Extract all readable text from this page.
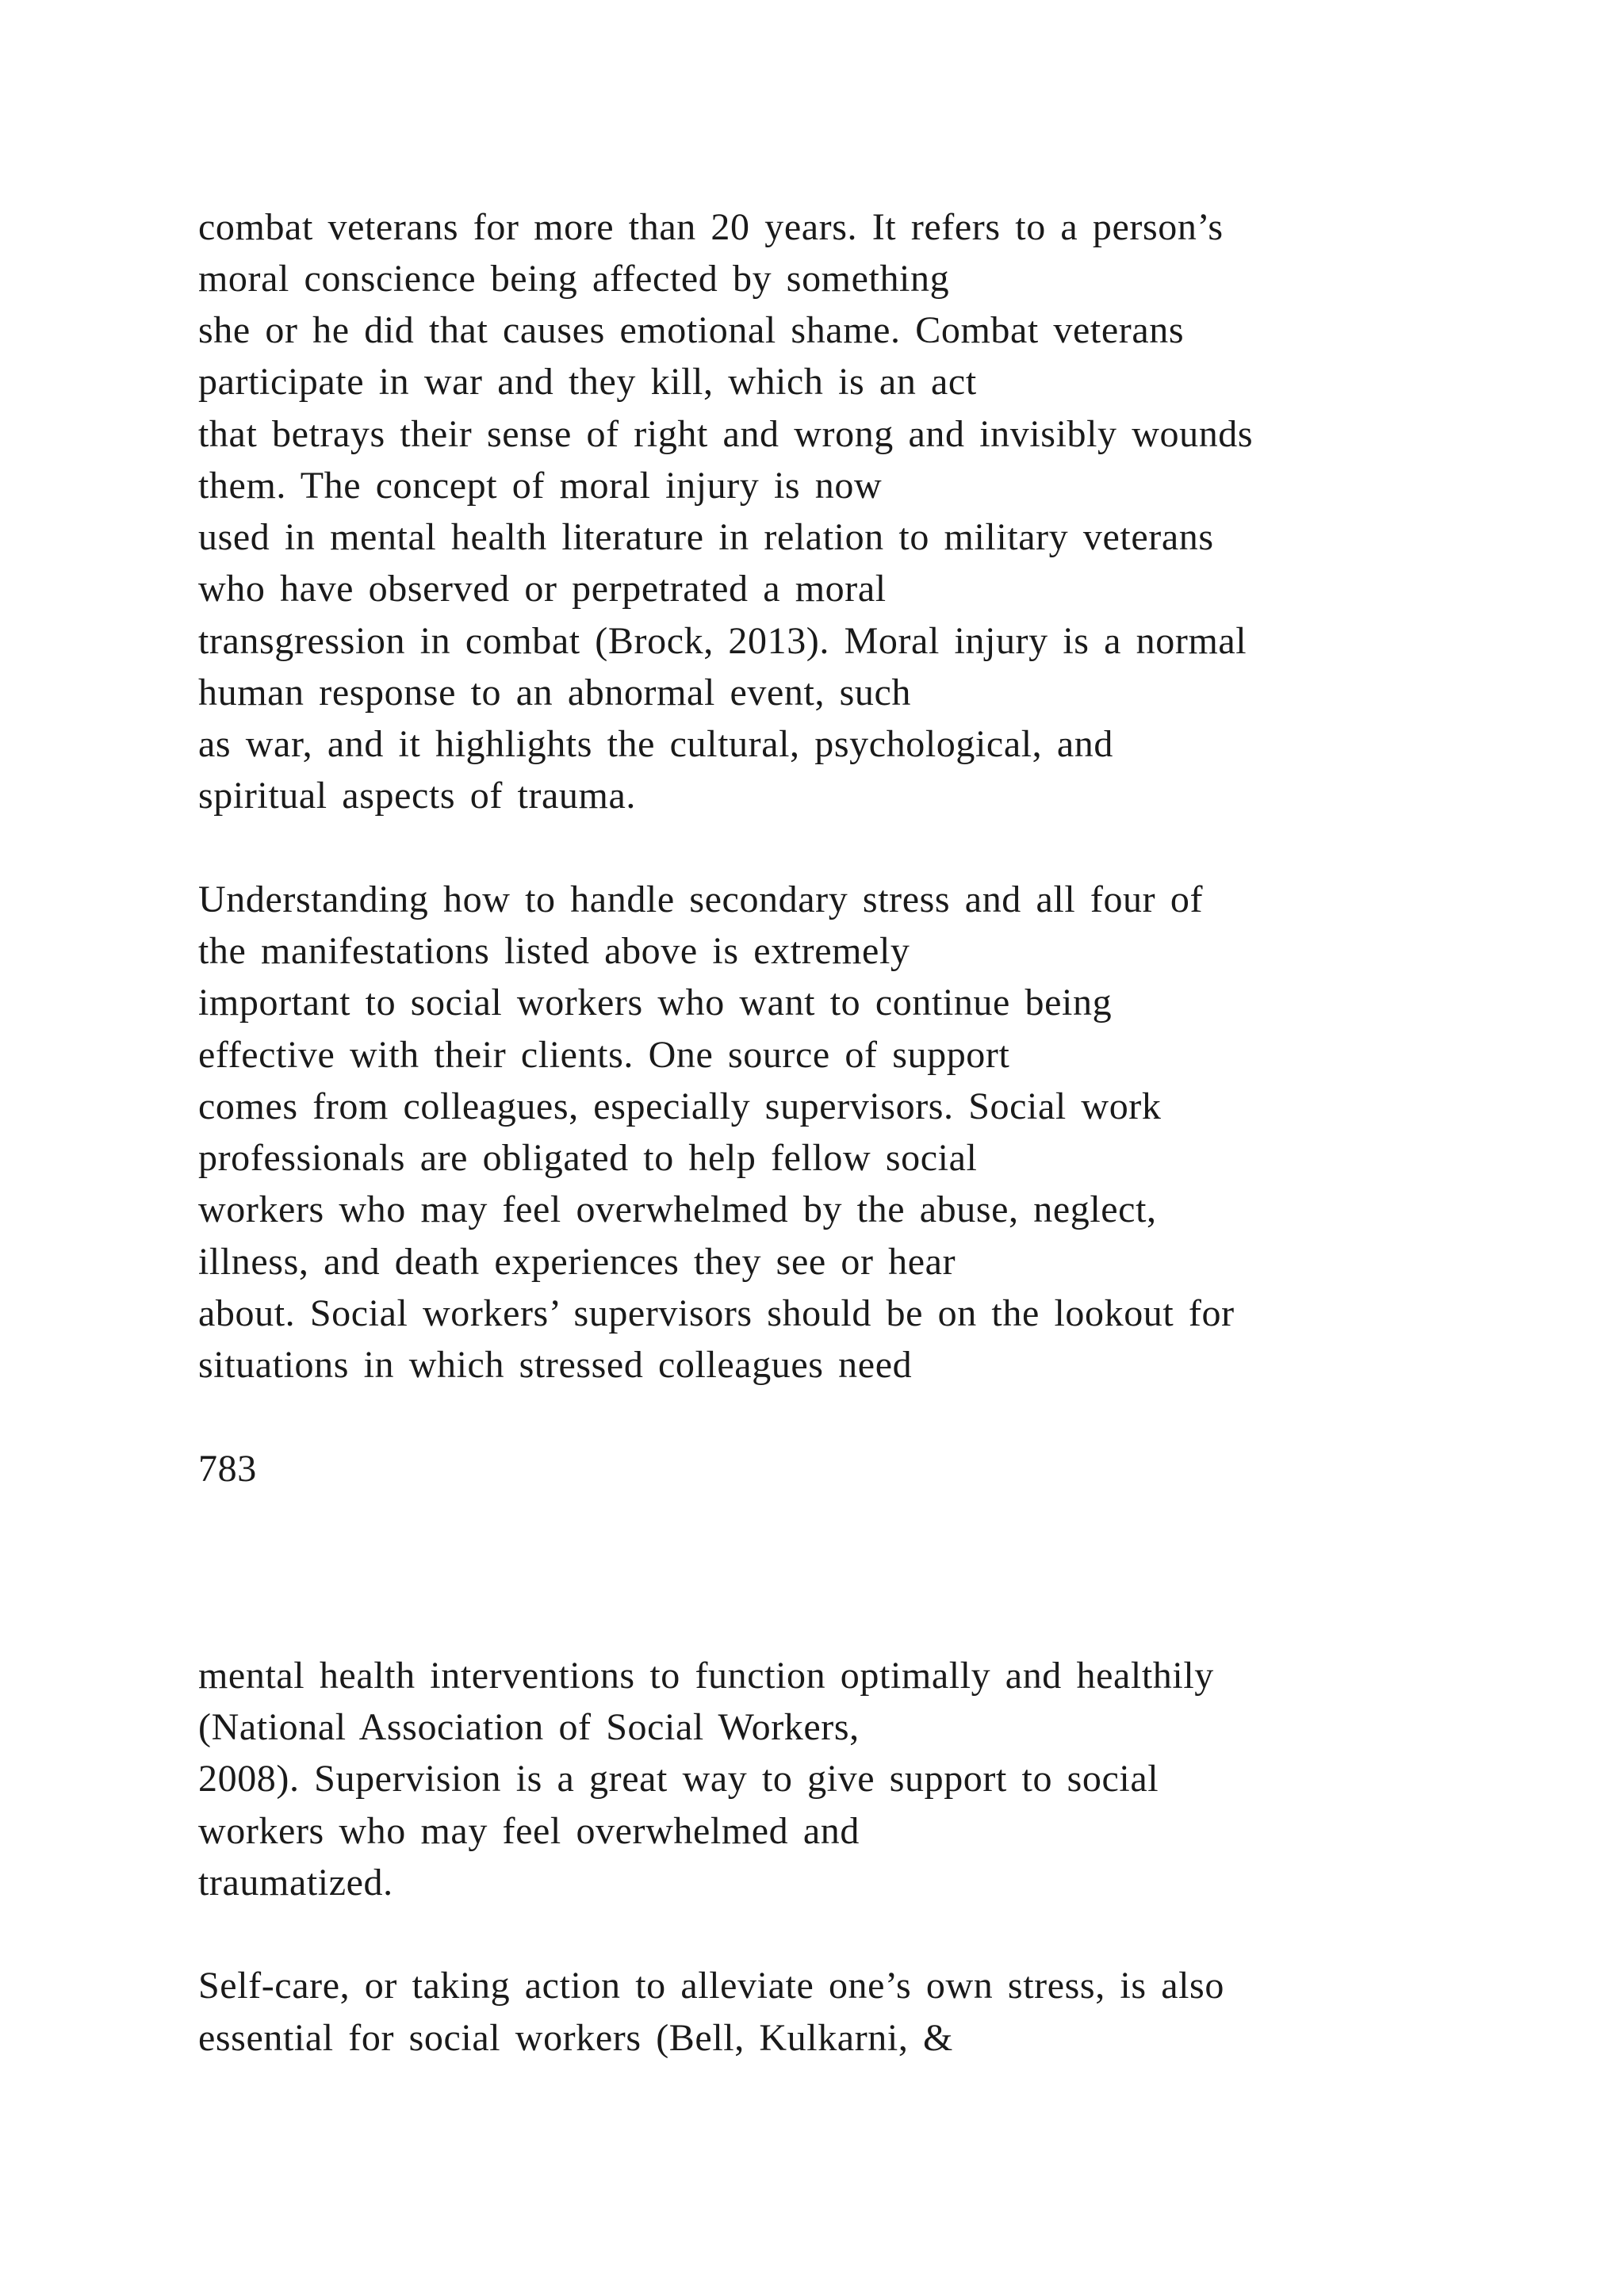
combat veterans for more than 20 years. It refers to a person’s

moral conscience being affected by something

she or he did that causes emotional shame. Combat veterans

participate in war and they kill, which is an act

that betrays their sense of right and wrong and invisibly wounds

them. The concept of moral injury is now

used in mental health literature in relation to military veterans

who have observed or perpetrated a moral

transgression in combat (Brock, 2013). Moral injury is a normal

human response to an abnormal event, such

as war, and it highlights the cultural, psychological, and

spiritual aspects of trauma.

Understanding how to handle secondary stress and all four of

the manifestations listed above is extremely

important to social workers who want to continue being

effective with their clients. One source of support

comes from colleagues, especially supervisors. Social work

professionals are obligated to help fellow social

workers who may feel overwhelmed by the abuse, neglect,

illness, and death experiences they see or hear

about. Social workers’ supervisors should be on the lookout for

situations in which stressed colleagues need

783

mental health interventions to function optimally and healthily

(National Association of Social Workers,

2008). Supervision is a great way to give support to social

workers who may feel overwhelmed and

traumatized.

Self-care, or taking action to alleviate one’s own stress, is also

essential for social workers (Bell, Kulkarni, &
